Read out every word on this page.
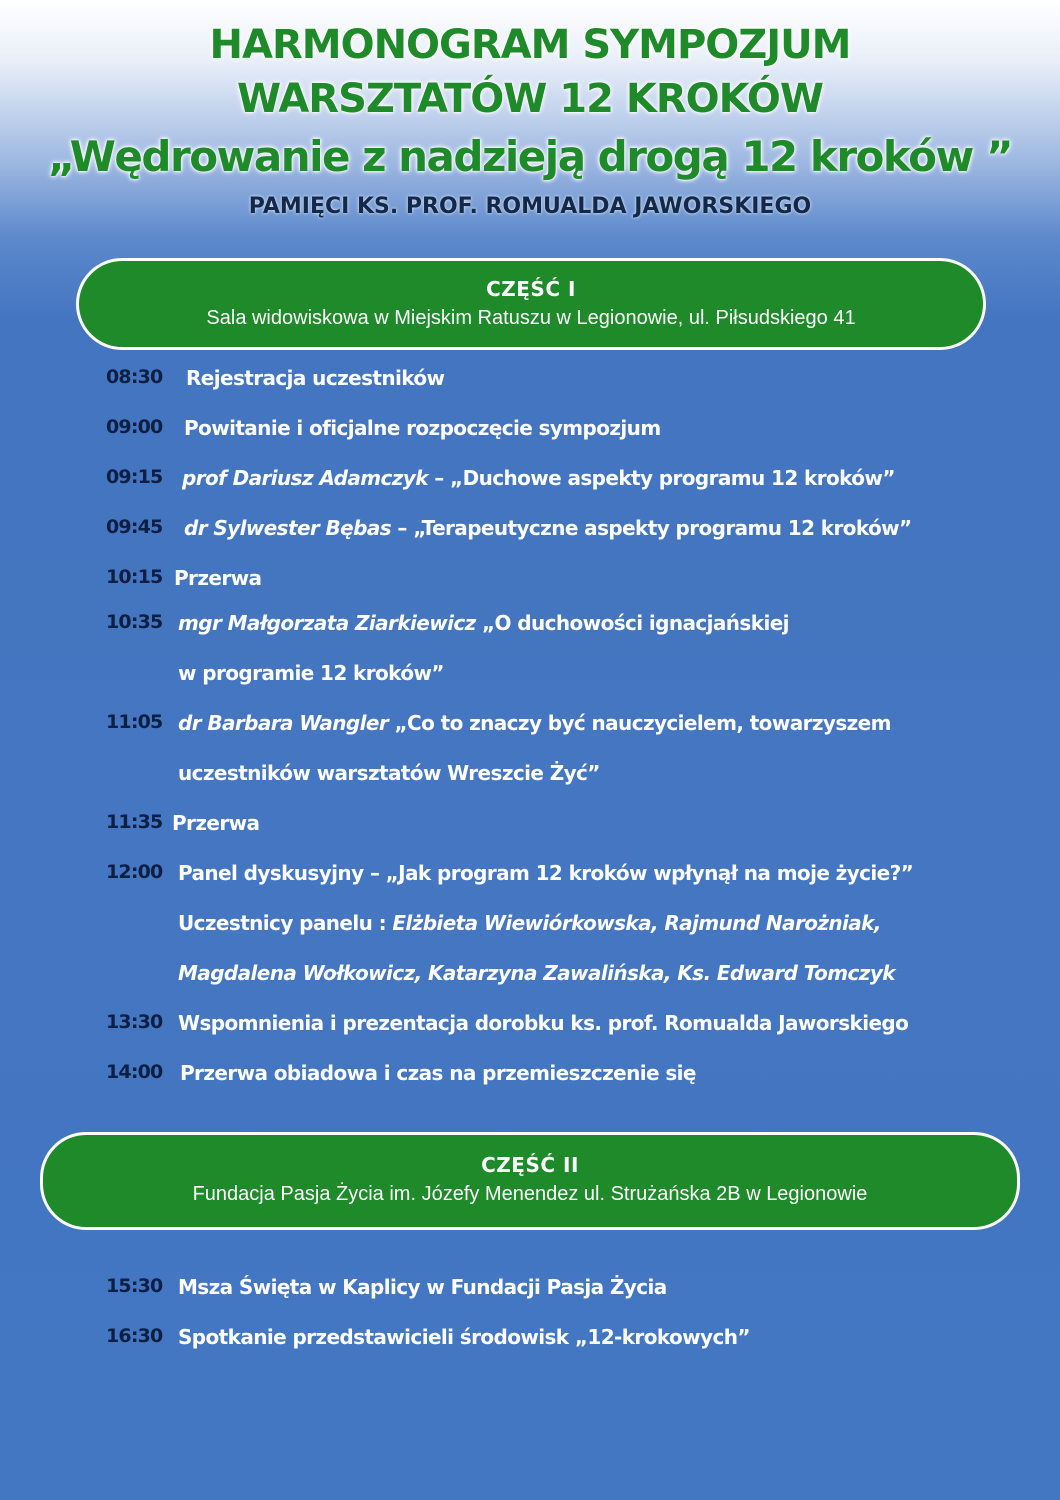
HARMONOGRAM SYMPOZJUM
WARSZTATÓW 12 KROKÓW
„Wędrowanie z nadzieją drogą 12 kroków ”
PAMIĘCI KS. PROF. ROMUALDA JAWORSKIEGO
CZĘŚĆ I
Sala widowiskowa w Miejskim Ratuszu w Legionowie, ul. Piłsudskiego 41
08:30 Rejestracja uczestników
09:00 Powitanie i oficjalne rozpoczęcie sympozjum
09:15 prof Dariusz Adamczyk – „Duchowe aspekty programu 12 kroków”
09:45 dr Sylwester Bębas – „Terapeutyczne aspekty programu 12 kroków”
10:15 Przerwa
10:35 mgr Małgorzata Ziarkiewicz „O duchowości ignacjańskiej
w programie 12 kroków”
11:05 dr Barbara Wangler „Co to znaczy być nauczycielem, towarzyszem
uczestników warsztatów Wreszcie Żyć”
11:35 Przerwa
12:00 Panel dyskusyjny – „Jak program 12 kroków wpłynął na moje życie?”
Uczestnicy panelu : Elżbieta Wiewiórkowska, Rajmund Narożniak,
Magdalena Wołkowicz, Katarzyna Zawalińska, Ks. Edward Tomczyk
13:30 Wspomnienia i prezentacja dorobku ks. prof. Romualda Jaworskiego
14:00 Przerwa obiadowa i czas na przemieszczenie się
CZĘŚĆ II
Fundacja Pasja Życia im. Józefy Menendez ul. Strużańska 2B w Legionowie
15:30 Msza Święta w Kaplicy w Fundacji Pasja Życia
16:30 Spotkanie przedstawicieli środowisk „12-krokowych”
